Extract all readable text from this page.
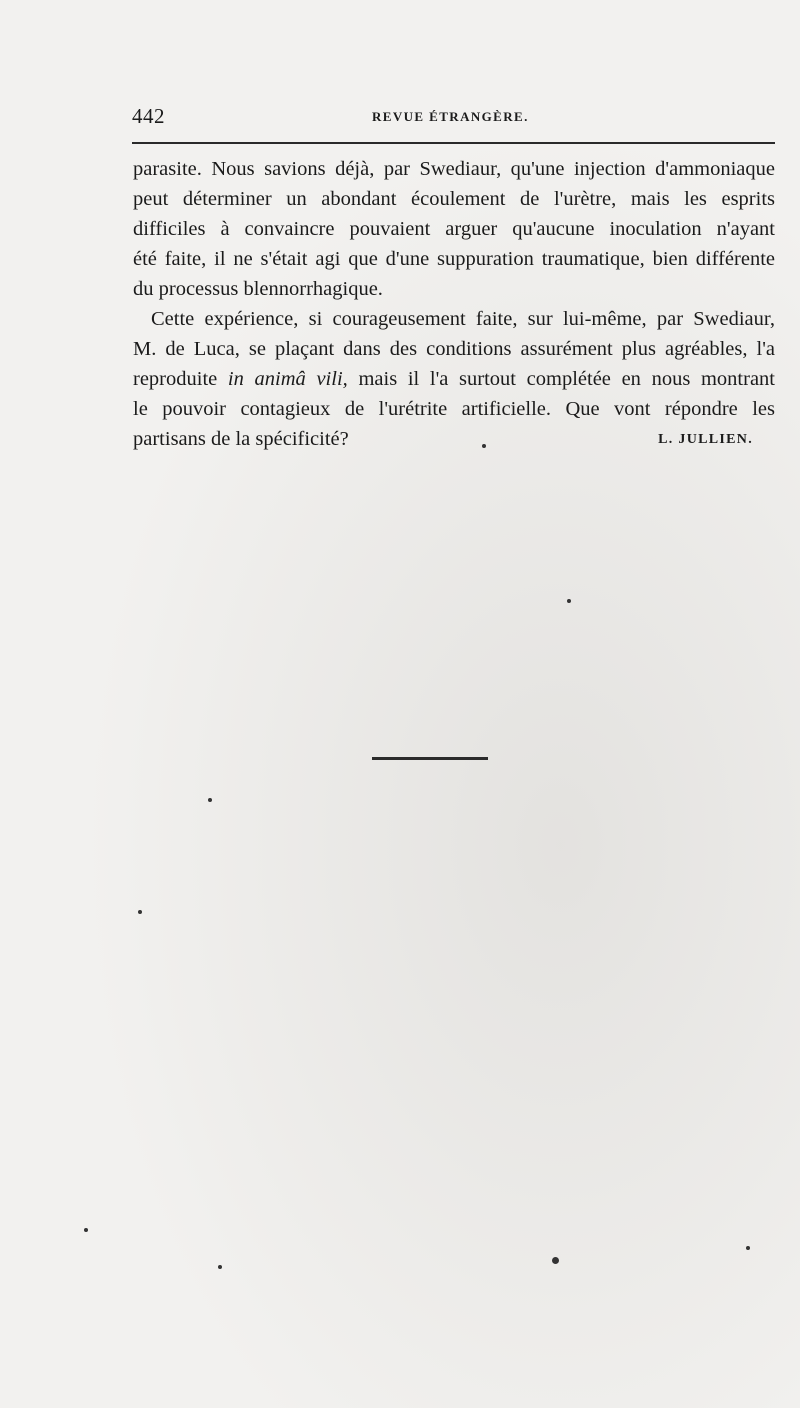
442	REVUE ÉTRANGÈRE.
parasite. Nous savions déjà, par Swediaur, qu'une injection d'ammoniaque
peut déterminer un abondant écoulement de l'urètre, mais les esprits
difficiles à convaincre pouvaient arguer qu'aucune inoculation n'ayant
été faite, il ne s'était agi que d'une suppuration traumatique, bien différente
du processus blennorrhagique.
Cette expérience, si courageusement faite, sur lui-même, par Swediaur,
M. de Luca, se plaçant dans des conditions assurément plus agréables, l'a
reproduite in animâ vili, mais il l'a surtout complétée en nous montrant
le pouvoir contagieux de l'urétrite artificielle. Que vont répondre les
partisans de la spécificité?	L. JULLIEN.
